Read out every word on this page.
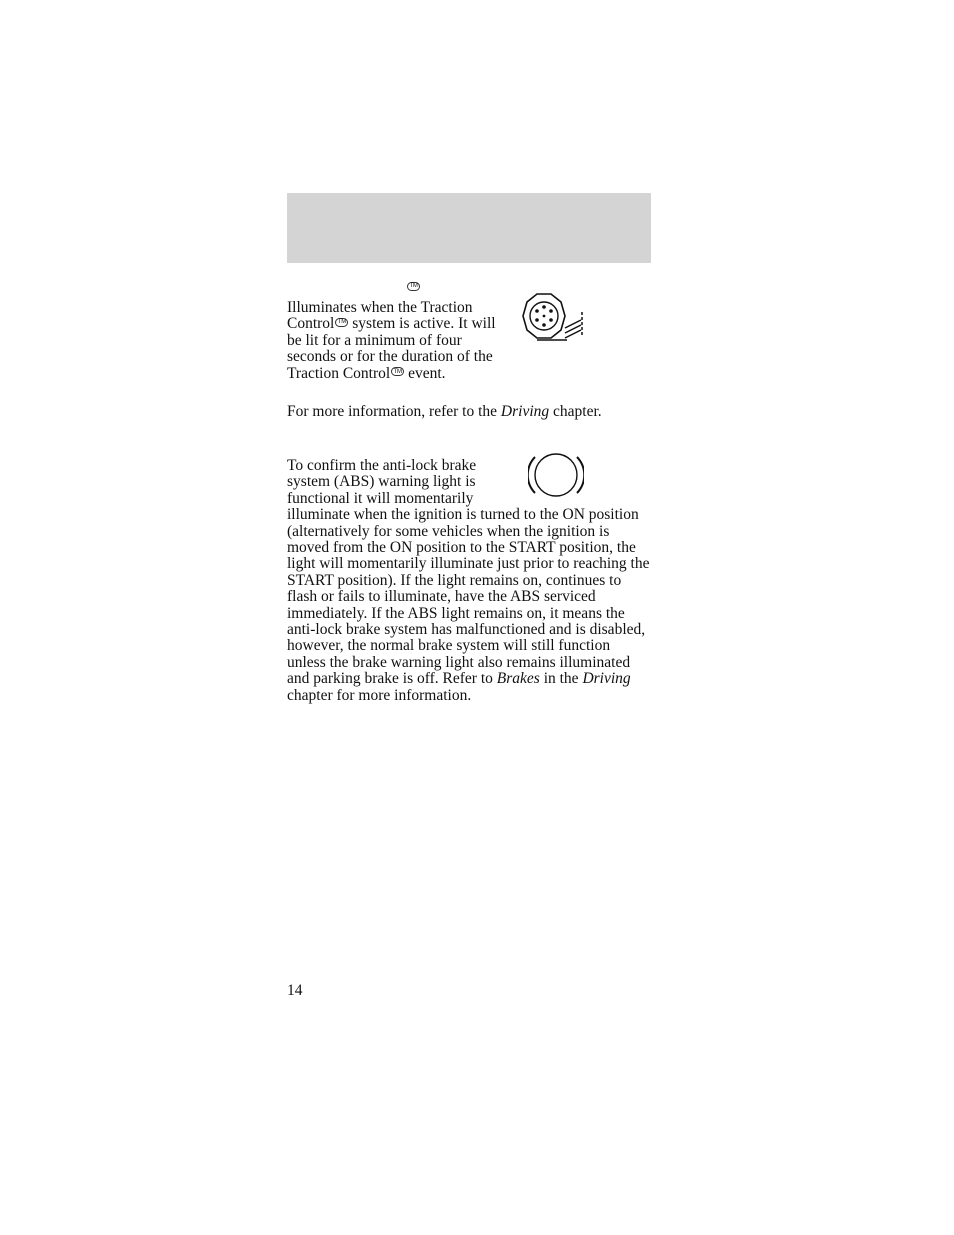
TM

Illuminates when the Traction Control TM system is active. It will be lit for a minimum of four seconds or for the duration of the Traction Control TM event.

For more information, refer to the Driving chapter.

To confirm the anti-lock brake system (ABS) warning light is functional it will momentarily illuminate when the ignition is turned to the ON position (alternatively for some vehicles when the ignition is moved from the ON position to the START position, the light will momentarily illuminate just prior to reaching the START position). If the light remains on, continues to flash or fails to illuminate, have the ABS serviced immediately. If the ABS light remains on, it means the anti-lock brake system has malfunctioned and is disabled, however, the normal brake system will still function unless the brake warning light also remains illuminated and parking brake is off. Refer to Brakes in the Driving chapter for more information.

14
